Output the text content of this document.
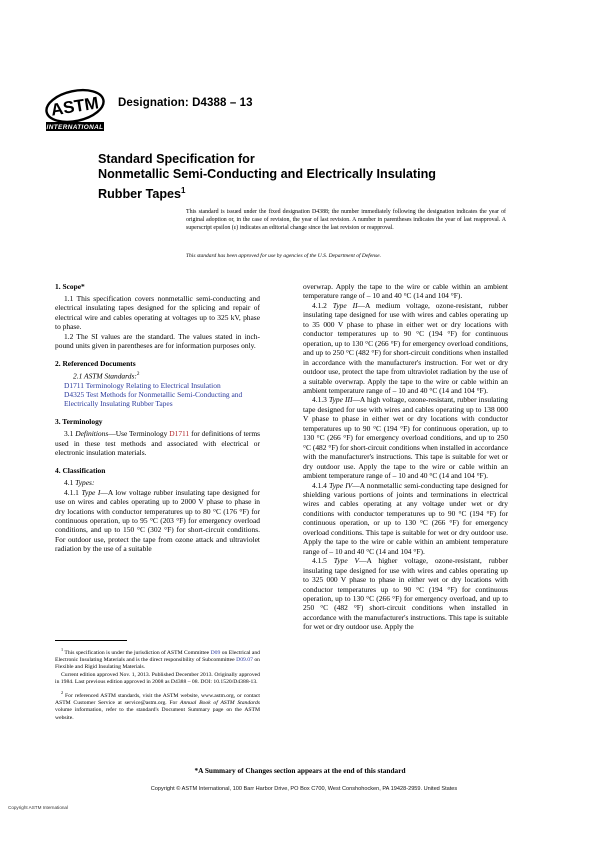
ASTM
INTERNATIONAL
Designation: D4388 – 13
Standard Specification for
Nonmetallic Semi-Conducting and Electrically Insulating
Rubber Tapes$^1$
This standard is issued under the fixed designation D4388; the number immediately following the designation indicates the year of original adoption or, in the case of revision, the year of last revision. A number in parentheses indicates the year of last reapproval. A superscript epsilon (ε) indicates an editorial change since the last revision or reapproval.
This standard has been approved for use by agencies of the U.S. Department of Defense.
1. Scope*

1.1 This specification covers nonmetallic semi-conducting and electrical insulating tapes designed for the splicing and repair of electrical wire and cables operating at voltages up to 325 kV, phase to phase.

1.2 The SI values are the standard. The values stated in inch-pound units given in parentheses are for information purposes only.

2. Referenced Documents

2.1 ASTM Standards:$^2$

D1711 Terminology Relating to Electrical Insulation

D4325 Test Methods for Nonmetallic Semi-Conducting and Electrically Insulating Rubber Tapes

3. Terminology

3.1 Definitions—Use Terminology D1711 for definitions of terms used in these test methods and associated with electrical or electronic insulation materials.

4. Classification

4.1 Types:

4.1.1 Type I—A low voltage rubber insulating tape designed for use on wires and cables operating up to 2000 V phase to phase in dry locations with conductor temperatures up to 80 °C (176 °F) for continuous operation, up to 95 °C (203 °F) for emergency overload conditions, and up to 150 °C (302 °F) for short-circuit conditions. For outdoor use, protect the tape from ozone attack and ultraviolet radiation by the use of a suitable

overwrap. Apply the tape to the wire or cable within an ambient temperature range of – 10 and 40 °C (14 and 104 °F).

4.1.2 Type II—A medium voltage, ozone-resistant, rubber insulating tape designed for use with wires and cables operating up to 35 000 V phase to phase in either wet or dry locations with conductor temperatures up to 90 °C (194 °F) for continuous operation, up to 130 °C (266 °F) for emergency overload conditions, and up to 250 °C (482 °F) for short-circuit conditions when installed in accordance with the manufacturer's instruction. For wet or dry outdoor use, protect the tape from ultraviolet radiation by the use of a suitable overwrap. Apply the tape to the wire or cable within an ambient temperature range of – 10 and 40 °C (14 and 104 °F).

4.1.3 Type III—A high voltage, ozone-resistant, rubber insulating tape designed for use with wires and cables operating up to 138 000 V phase to phase in either wet or dry locations with conductor temperatures up to 90 °C (194 °F) for continuous operation, up to 130 °C (266 °F) for emergency overload conditions, and up to 250 °C (482 °F) for short-circuit conditions when installed in accordance with the manufacturer's instructions. This tape is suitable for wet or dry outdoor use. Apply the tape to the wire or cable within an ambient temperature range of – 10 and 40 °C (14 and 104 °F).

4.1.4 Type IV—A nonmetallic semi-conducting tape designed for shielding various portions of joints and terminations in electrical wires and cables operating at any voltage under wet or dry conditions with conductor temperatures up to 90 °C (194 °F) for continuous operation, or up to 130 °C (266 °F) for emergency overload conditions. This tape is suitable for wet or dry outdoor use. Apply the tape to the wire or cable within an ambient temperature range of – 10 and 40 °C (14 and 104 °F).

4.1.5 Type V—A higher voltage, ozone-resistant, rubber insulating tape designed for use with wires and cables operating up to 325 000 V phase to phase in either wet or dry locations with conductor temperatures up to 90 °C (194 °F) for continuous operation, up to 130 °C (266 °F) for emergency overload, and up to 250 °C (482 °F) short-circuit conditions when installed in accordance with the manufacturer's instructions. This tape is suitable for wet or dry outdoor use. Apply the

$^1$ This specification is under the jurisdiction of ASTM Committee D09 on Electrical and Electronic Insulating Materials and is the direct responsibility of Subcommittee D09.07 on Flexible and Rigid Insulating Materials.

Current edition approved Nov. 1, 2013. Published December 2013. Originally approved in 1984. Last previous edition approved in 2008 as D4388 – 08. DOI: 10.1520/D4388-13.

$^2$ For referenced ASTM standards, visit the ASTM website, www.astm.org, or contact ASTM Customer Service at service@astm.org. For Annual Book of ASTM Standards volume information, refer to the standard's Document Summary page on the ASTM website.

*A Summary of Changes section appears at the end of this standard
Copyright © ASTM International, 100 Barr Harbor Drive, PO Box C700, West Conshohocken, PA 19428-2959. United States
Copyright ASTM International
